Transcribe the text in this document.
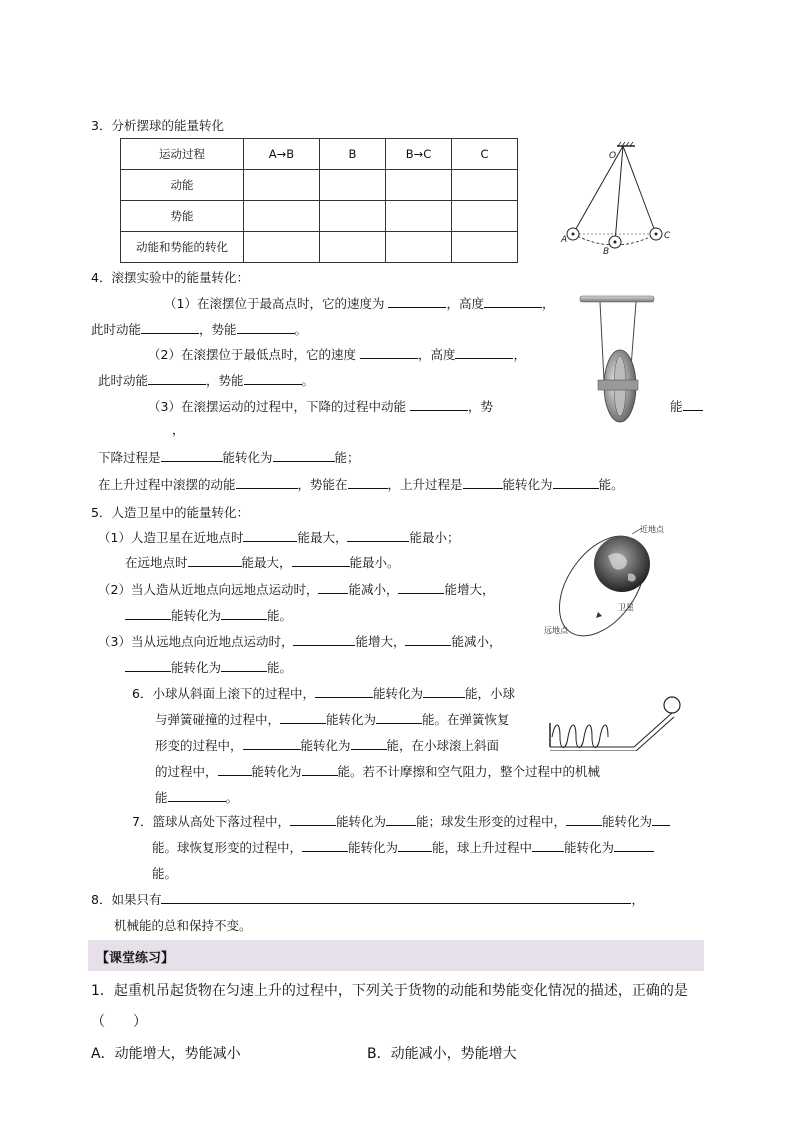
3．分析摆球的能量转化
运动过程	A→B	B	B→C	C
动能				
势能				
动能和势能的转化				
O
A
B
C
4．滚摆实验中的能量转化：
（1）在滚摆位于最高点时，它的速度为	，高度	，
此时动能	，势能	。
（2）在滚摆位于最低点时，它的速度	，高度	，
此时动能	，势能	。
（3）在滚摆运动的过程中，下降的过程中动能	，势	能
，
下降过程是	能转化为	能；
在上升过程中滚摆的动能	，势能在	，上升过程是	能转化为	能。
5．人造卫星中的能量转化：
（1）人造卫星在近地点时	能最大，	能最小；
在远地点时	能最大，	能最小。
（2）当人造从近地点向远地点运动时， 能减小，	能增大，
能转化为	能。
（3）当从远地点向近地点运动时，	能增大，	能减小，
能转化为	能。
近地点
卫星
远地点
6．小球从斜面上滚下的过程中，	能转化为	能，小球
与弹簧碰撞的过程中，	能转化为	能。在弹簧恢复
形变的过程中，	能转化为	能，在小球滚上斜面
的过程中，	能转化为	能。若不计摩擦和空气阻力，整个过程中的机械
能	。
7．篮球从高处下落过程中，	能转化为 能；球发生形变的过程中，	能转化为
能。球恢复形变的过程中，	能转化为	能，球上升过程中	能转化为
能。
8．如果只有	，
机械能的总和保持不变。
【课堂练习】
1．起重机吊起货物在匀速上升的过程中，下列关于货物的动能和势能变化情况的描述，正确的是
（　　）
A．动能增大，势能减小	B．动能减小，势能增大
